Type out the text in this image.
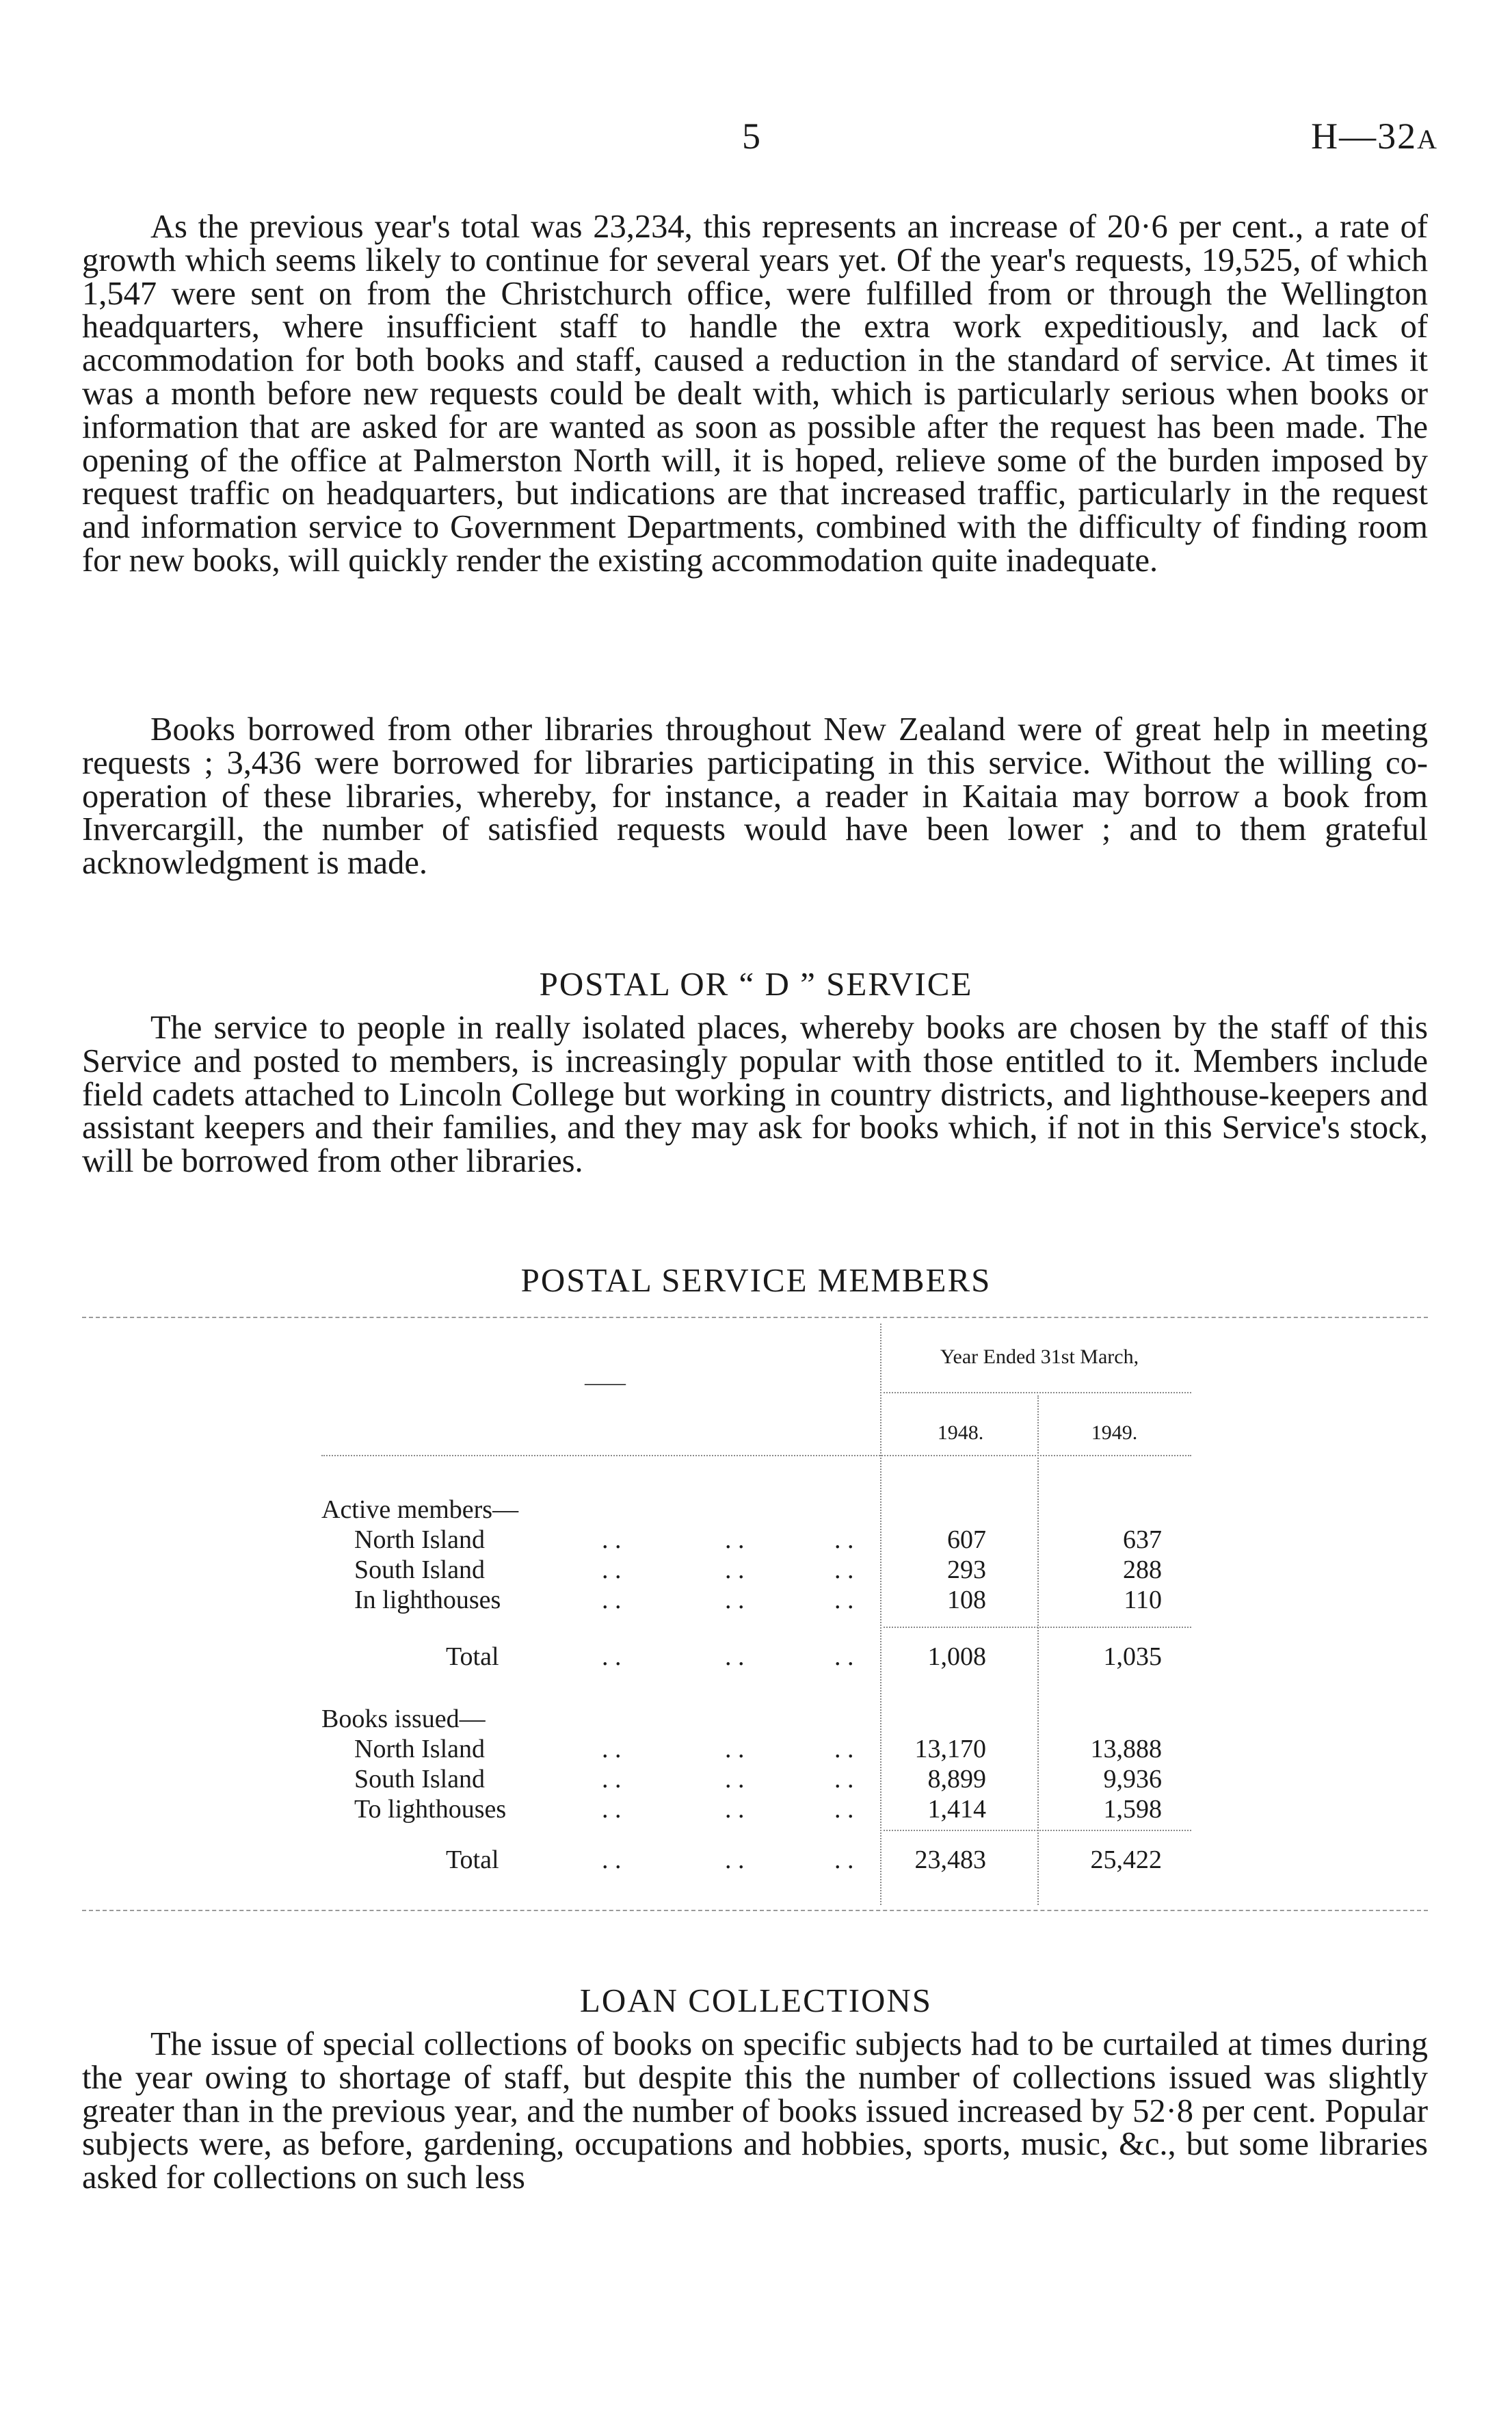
5	H—32A

As the previous year's total was 23,234, this represents an increase of 20·6 per cent., a rate of growth which seems likely to continue for several years yet. Of the year's requests, 19,525, of which 1,547 were sent on from the Christchurch office, were fulfilled from or through the Wellington headquarters, where insufficient staff to handle the extra work expeditiously, and lack of accommodation for both books and staff, caused a reduction in the standard of service. At times it was a month before new requests could be dealt with, which is particularly serious when books or information that are asked for are wanted as soon as possible after the request has been made. The opening of the office at Palmerston North will, it is hoped, relieve some of the burden imposed by request traffic on headquarters, but indications are that increased traffic, particularly in the request and information service to Government Departments, combined with the difficulty of finding room for new books, will quickly render the existing accommodation quite inadequate.

Books borrowed from other libraries throughout New Zealand were of great help in meeting requests ; 3,436 were borrowed for libraries participating in this service. Without the willing co-operation of these libraries, whereby, for instance, a reader in Kaitaia may borrow a book from Invercargill, the number of satisfied requests would have been lower ; and to them grateful acknowledgment is made.

POSTAL OR “ D ” SERVICE

The service to people in really isolated places, whereby books are chosen by the staff of this Service and posted to members, is increasingly popular with those entitled to it. Members include field cadets attached to Lincoln College but working in country districts, and lighthouse-keepers and assistant keepers and their families, and they may ask for books which, if not in this Service's stock, will be borrowed from other libraries.

POSTAL SERVICE MEMBERS
Year Ended 31st March,
——
1948.	1949.
Active members—
North Island	. .	. .	. .	607	637
South Island	. .	. .	. .	293	288
In lighthouses	. .	. .	. .	108	110
Total	. .	. .	. .	1,008	1,035
Books issued—
North Island	. .	. .	. .	13,170	13,888
South Island	. .	. .	. .	8,899	9,936
To lighthouses	. .	. .	. .	1,414	1,598
Total	. .	. .	. .	23,483	25,422
LOAN COLLECTIONS

The issue of special collections of books on specific subjects had to be curtailed at times during the year owing to shortage of staff, but despite this the number of collections issued was slightly greater than in the previous year, and the number of books issued increased by 52·8 per cent. Popular subjects were, as before, gardening, occupations and hobbies, sports, music, &c., but some libraries asked for collections on such less
